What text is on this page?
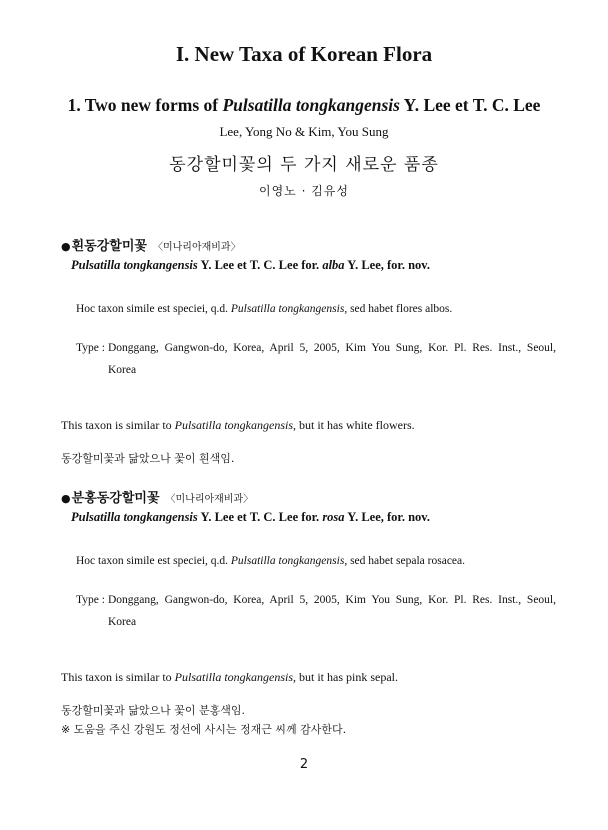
I. New Taxa of Korean Flora
1. Two new forms of Pulsatilla tongkangensis Y. Lee et T. C. Lee
Lee, Yong No & Kim, You Sung
동강할미꽃의 두 가지 새로운 품종
이영노 · 김유성
●흰동강할미꽃 〈미나리아재비과〉
Pulsatilla tongkangensis Y. Lee et T. C. Lee for. alba Y. Lee, for. nov.
Hoc taxon simile est speciei, q.d. Pulsatilla tongkangensis, sed habet flores albos.
Type : Donggang, Gangwon-do, Korea, April 5, 2005, Kim You Sung, Kor. Pl. Res. Inst., Seoul,
Korea
This taxon is similar to Pulsatilla tongkangensis, but it has white flowers.
동강할미꽃과 닮았으나 꽃이 흰색임.
●분홍동강할미꽃 〈미나리아재비과〉
Pulsatilla tongkangensis Y. Lee et T. C. Lee for. rosa Y. Lee, for. nov.
Hoc taxon simile est speciei, q.d. Pulsatilla tongkangensis, sed habet sepala rosacea.
Type : Donggang, Gangwon-do, Korea, April 5, 2005, Kim You Sung, Kor. Pl. Res. Inst., Seoul,
Korea
This taxon is similar to Pulsatilla tongkangensis, but it has pink sepal.
동강할미꽃과 닮았으나 꽃이 분홍색임.
※ 도움을 주신 강원도 정선에 사시는 정재근 씨께 감사한다.
2
